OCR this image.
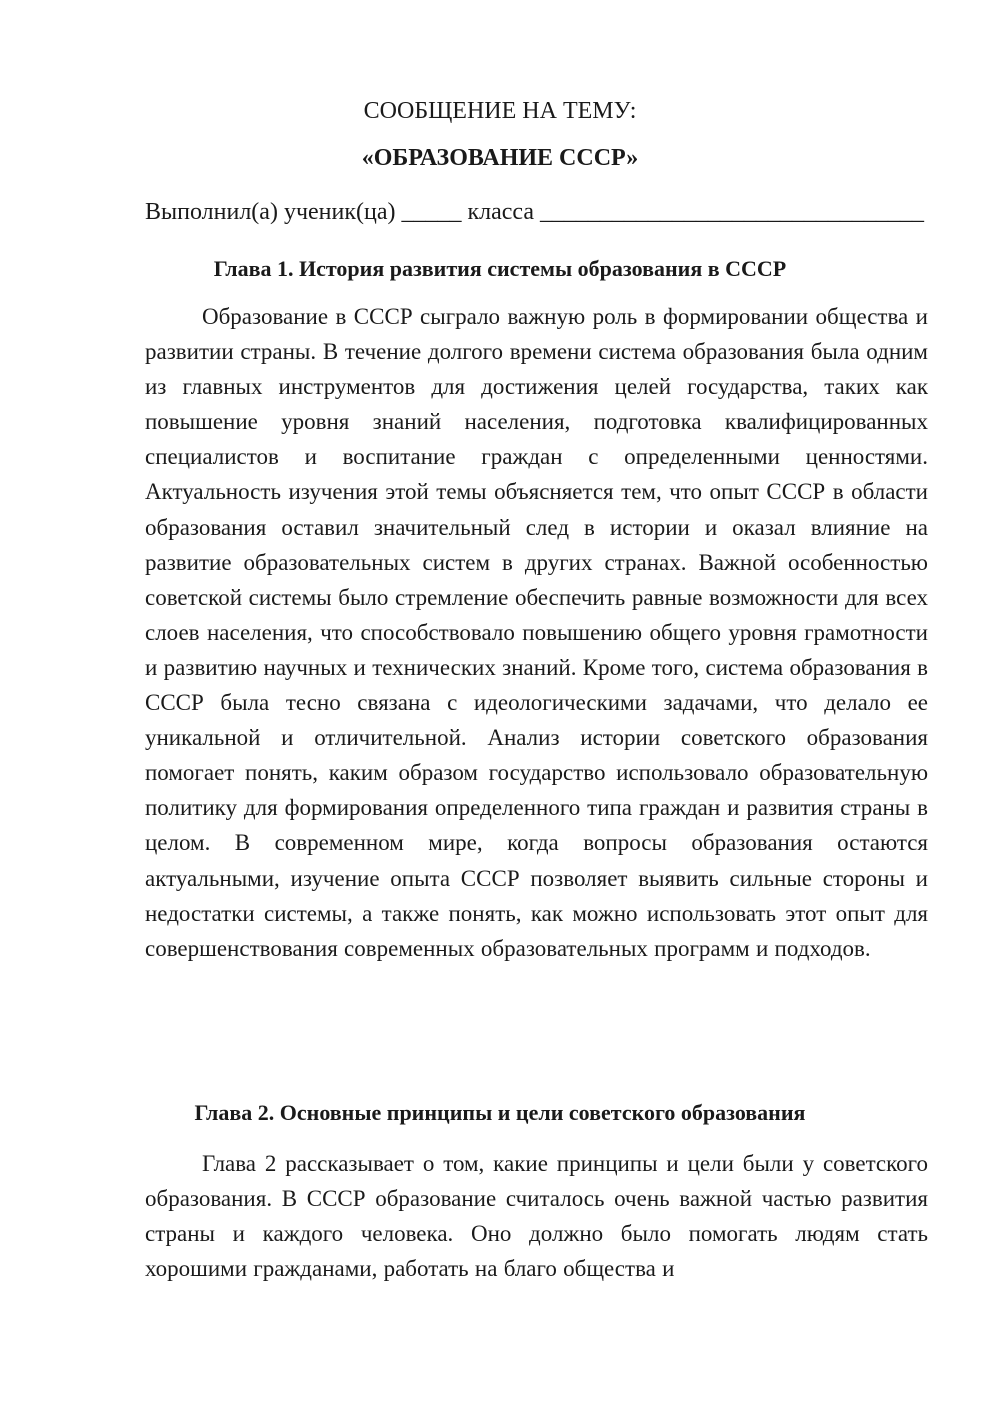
СООБЩЕНИЕ НА ТЕМУ:
«ОБРАЗОВАНИЕ СССР»
Выполнил(а) ученик(ца) _____ класса ________________________________
Глава 1. История развития системы образования в СССР
Образование в СССР сыграло важную роль в формировании общества и развитии страны. В течение долгого времени система образования была одним из главных инструментов для достижения целей государства, таких как повышение уровня знаний населения, подготовка квалифицированных специалистов и воспитание граждан с определенными ценностями. Актуальность изучения этой темы объясняется тем, что опыт СССР в области образования оставил значительный след в истории и оказал влияние на развитие образовательных систем в других странах. Важной особенностью советской системы было стремление обеспечить равные возможности для всех слоев населения, что способствовало повышению общего уровня грамотности и развитию научных и технических знаний. Кроме того, система образования в СССР была тесно связана с идеологическими задачами, что делало ее уникальной и отличительной. Анализ истории советского образования помогает понять, каким образом государство использовало образовательную политику для формирования определенного типа граждан и развития страны в целом. В современном мире, когда вопросы образования остаются актуальными, изучение опыта СССР позволяет выявить сильные стороны и недостатки системы, а также понять, как можно использовать этот опыт для совершенствования современных образовательных программ и подходов.
Глава 2. Основные принципы и цели советского образования
Глава 2 рассказывает о том, какие принципы и цели были у советского образования. В СССР образование считалось очень важной частью развития страны и каждого человека. Оно должно было помогать людям стать хорошими гражданами, работать на благо общества и
